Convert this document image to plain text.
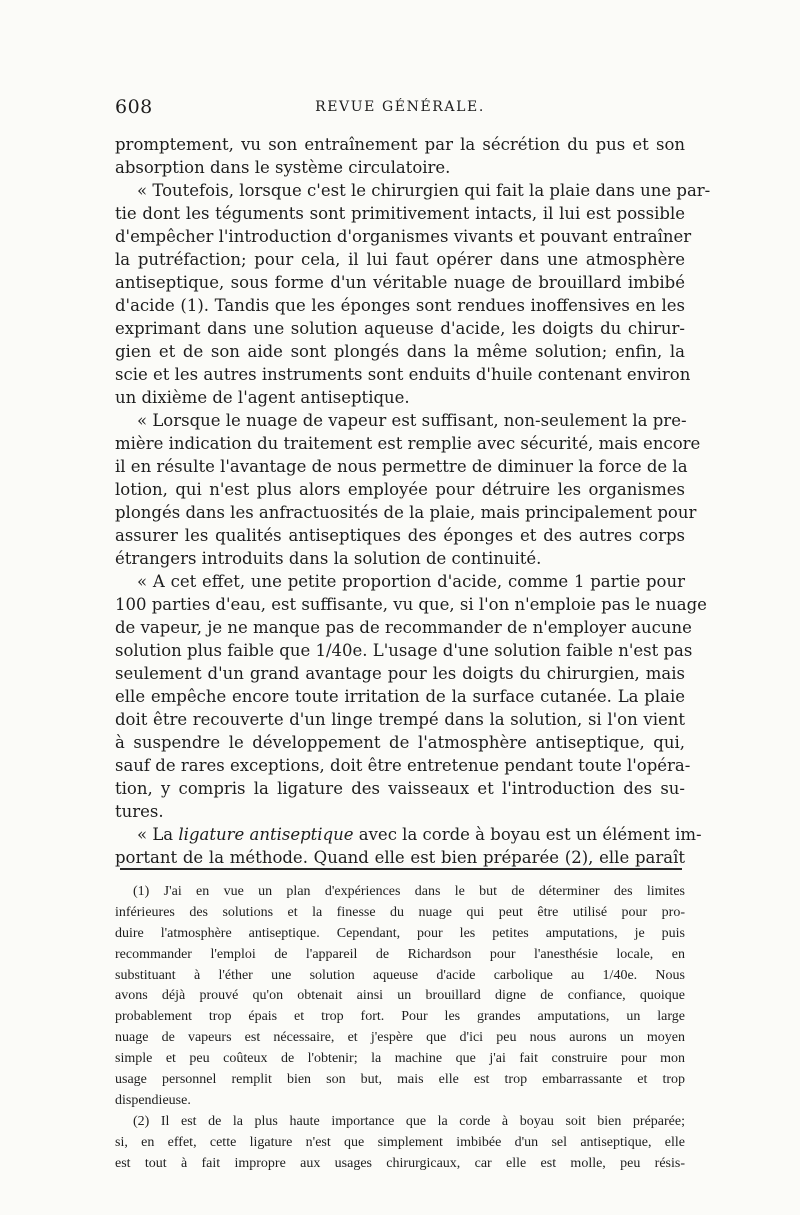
608	REVUE GÉNÉRALE.
promptement, vu son entraînement par la sécrétion du pus et son
absorption dans le système circulatoire.
« Toutefois, lorsque c'est le chirurgien qui fait la plaie dans une par-
tie dont les téguments sont primitivement intacts, il lui est possible
d'empêcher l'introduction d'organismes vivants et pouvant entraîner
la putréfaction; pour cela, il lui faut opérer dans une atmosphère
antiseptique, sous forme d'un véritable nuage de brouillard imbibé
d'acide (1). Tandis que les éponges sont rendues inoffensives en les
exprimant dans une solution aqueuse d'acide, les doigts du chirur-
gien et de son aide sont plongés dans la même solution; enfin, la
scie et les autres instruments sont enduits d'huile contenant environ
un dixième de l'agent antiseptique.
« Lorsque le nuage de vapeur est suffisant, non-seulement la pre-
mière indication du traitement est remplie avec sécurité, mais encore
il en résulte l'avantage de nous permettre de diminuer la force de la
lotion, qui n'est plus alors employée pour détruire les organismes
plongés dans les anfractuosités de la plaie, mais principalement pour
assurer les qualités antiseptiques des éponges et des autres corps
étrangers introduits dans la solution de continuité.
« A cet effet, une petite proportion d'acide, comme 1 partie pour
100 parties d'eau, est suffisante, vu que, si l'on n'emploie pas le nuage
de vapeur, je ne manque pas de recommander de n'employer aucune
solution plus faible que 1/40e. L'usage d'une solution faible n'est pas
seulement d'un grand avantage pour les doigts du chirurgien, mais
elle empêche encore toute irritation de la surface cutanée. La plaie
doit être recouverte d'un linge trempé dans la solution, si l'on vient
à suspendre le développement de l'atmosphère antiseptique, qui,
sauf de rares exceptions, doit être entretenue pendant toute l'opéra-
tion, y compris la ligature des vaisseaux et l'introduction des su-
tures.
« La ligature antiseptique avec la corde à boyau est un élément im-
portant de la méthode. Quand elle est bien préparée (2), elle paraît
(1) J'ai en vue un plan d'expériences dans le but de déterminer des limites
inférieures des solutions et la finesse du nuage qui peut être utilisé pour pro-
duire l'atmosphère antiseptique. Cependant, pour les petites amputations, je puis
recommander l'emploi de l'appareil de Richardson pour l'anesthésie locale, en
substituant à l'éther une solution aqueuse d'acide carbolique au 1/40e. Nous
avons déjà prouvé qu'on obtenait ainsi un brouillard digne de confiance, quoique
probablement trop épais et trop fort. Pour les grandes amputations, un large
nuage de vapeurs est nécessaire, et j'espère que d'ici peu nous aurons un moyen
simple et peu coûteux de l'obtenir; la machine que j'ai fait construire pour mon
usage personnel remplit bien son but, mais elle est trop embarrassante et trop
dispendieuse.
(2) Il est de la plus haute importance que la corde à boyau soit bien préparée;
si, en effet, cette ligature n'est que simplement imbibée d'un sel antiseptique, elle
est tout à fait impropre aux usages chirurgicaux, car elle est molle, peu résis-
